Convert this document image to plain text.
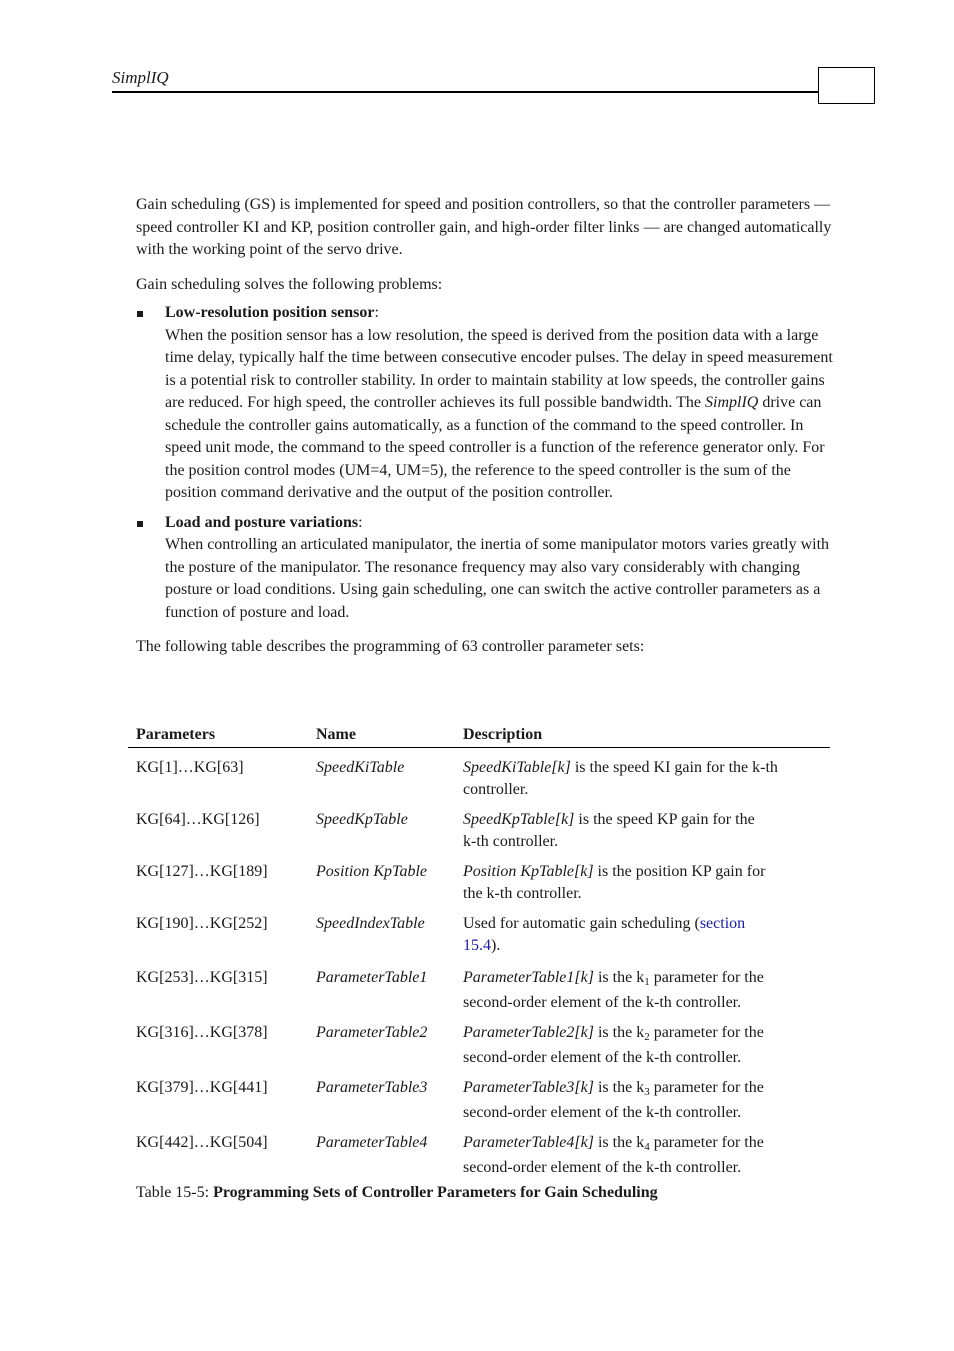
SimplIQ

Gain scheduling (GS) is implemented for speed and position controllers, so that the controller parameters — speed controller KI and KP, position controller gain, and high-order filter links — are changed automatically with the working point of the servo drive.

Gain scheduling solves the following problems:

Low-resolution position sensor:
When the position sensor has a low resolution, the speed is derived from the position data with a large time delay, typically half the time between consecutive encoder pulses. The delay in speed measurement is a potential risk to controller stability. In order to maintain stability at low speeds, the controller gains are reduced. For high speed, the controller achieves its full possible bandwidth. The SimplIQ drive can schedule the controller gains automatically, as a function of the command to the speed controller. In speed unit mode, the command to the speed controller is a function of the reference generator only. For the position control modes (UM=4, UM=5), the reference to the speed controller is the sum of the position command derivative and the output of the position controller.
Load and posture variations:
When controlling an articulated manipulator, the inertia of some manipulator motors varies greatly with the posture of the manipulator. The resonance frequency may also vary considerably with changing posture or load conditions. Using gain scheduling, one can switch the active controller parameters as a function of posture and load.

The following table describes the programming of 63 controller parameter sets:

Parameters	Name	Description
KG[1]…KG[63]	SpeedKiTable	SpeedKiTable[k] is the speed KI gain for the k-th
controller.
KG[64]…KG[126]	SpeedKpTable	SpeedKpTable[k] is the speed KP gain for the
k-th controller.
KG[127]…KG[189]	Position KpTable	Position KpTable[k] is the position KP gain for
the k-th controller.
KG[190]…KG[252]	SpeedIndexTable	Used for automatic gain scheduling (section
15.4).
KG[253]…KG[315]	ParameterTable1	ParameterTable1[k] is the $k_1$ parameter for the
second-order element of the k-th controller.
KG[316]…KG[378]	ParameterTable2	ParameterTable2[k] is the $k_2$ parameter for the
second-order element of the k-th controller.
KG[379]…KG[441]	ParameterTable3	ParameterTable3[k] is the $k_3$ parameter for the
second-order element of the k-th controller.
KG[442]…KG[504]	ParameterTable4	ParameterTable4[k] is the $k_4$ parameter for the
second-order element of the k-th controller.
Table 15-5: Programming Sets of Controller Parameters for Gain Scheduling
